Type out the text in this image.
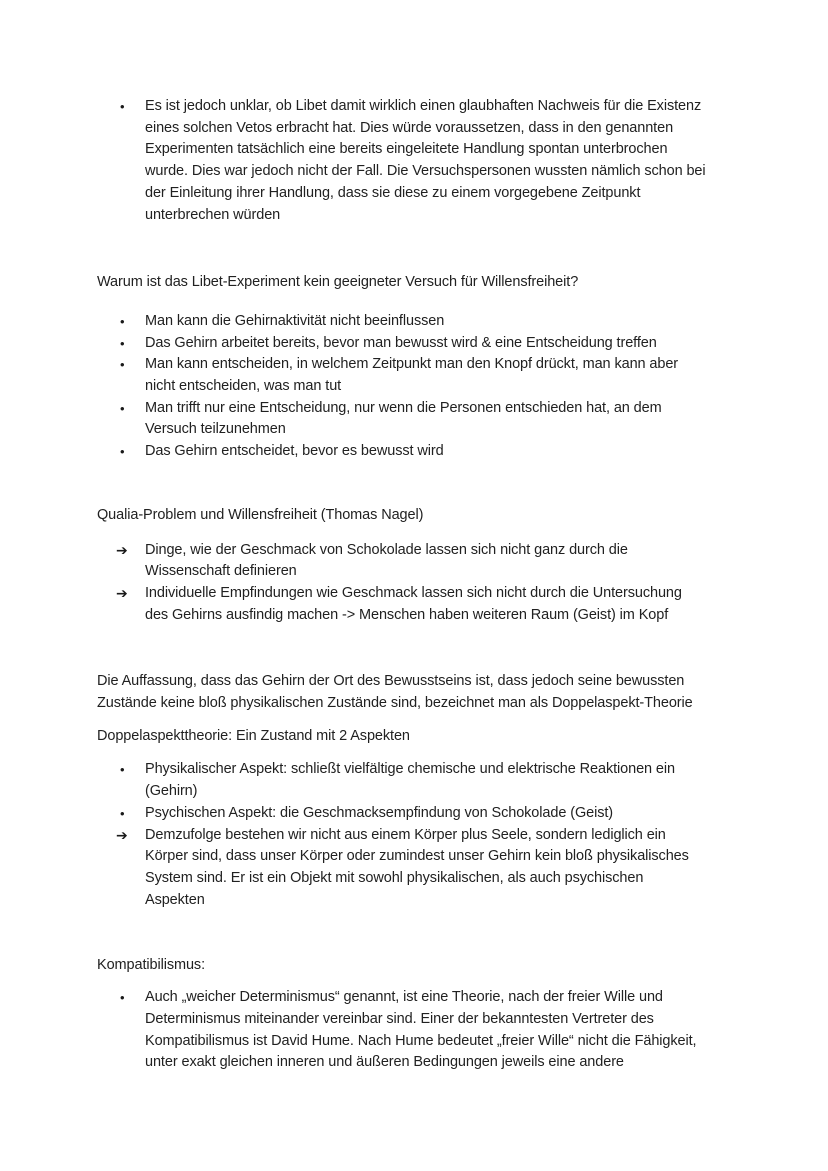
• Es ist jedoch unklar, ob Libet damit wirklich einen glaubhaften Nachweis für die Existenz
eines solchen Vetos erbracht hat. Dies würde voraussetzen, dass in den genannten
Experimenten tatsächlich eine bereits eingeleitete Handlung spontan unterbrochen
wurde. Dies war jedoch nicht der Fall. Die Versuchspersonen wussten nämlich schon bei
der Einleitung ihrer Handlung, dass sie diese zu einem vorgegebene Zeitpunkt
unterbrechen würden
Warum ist das Libet-Experiment kein geeigneter Versuch für Willensfreiheit?
• Man kann die Gehirnaktivität nicht beeinflussen
• Das Gehirn arbeitet bereits, bevor man bewusst wird & eine Entscheidung treffen
• Man kann entscheiden, in welchem Zeitpunkt man den Knopf drückt, man kann aber
nicht entscheiden, was man tut
• Man trifft nur eine Entscheidung, nur wenn die Personen entschieden hat, an dem
Versuch teilzunehmen
• Das Gehirn entscheidet, bevor es bewusst wird
Qualia-Problem und Willensfreiheit (Thomas Nagel)
➔ Dinge, wie der Geschmack von Schokolade lassen sich nicht ganz durch die
Wissenschaft definieren
➔ Individuelle Empfindungen wie Geschmack lassen sich nicht durch die Untersuchung
des Gehirns ausfindig machen -> Menschen haben weiteren Raum (Geist) im Kopf
Die Auffassung, dass das Gehirn der Ort des Bewusstseins ist, dass jedoch seine bewussten
Zustände keine bloß physikalischen Zustände sind, bezeichnet man als Doppelaspekt-Theorie
Doppelaspekttheorie: Ein Zustand mit 2 Aspekten
• Physikalischer Aspekt: schließt vielfältige chemische und elektrische Reaktionen ein
(Gehirn)
• Psychischen Aspekt: die Geschmacksempfindung von Schokolade (Geist)
➔ Demzufolge bestehen wir nicht aus einem Körper plus Seele, sondern lediglich ein
Körper sind, dass unser Körper oder zumindest unser Gehirn kein bloß physikalisches
System sind. Er ist ein Objekt mit sowohl physikalischen, als auch psychischen
Aspekten
Kompatibilismus:
• Auch „weicher Determinismus“ genannt, ist eine Theorie, nach der freier Wille und
Determinismus miteinander vereinbar sind. Einer der bekanntesten Vertreter des
Kompatibilismus ist David Hume. Nach Hume bedeutet „freier Wille“ nicht die Fähigkeit,
unter exakt gleichen inneren und äußeren Bedingungen jeweils eine andere
